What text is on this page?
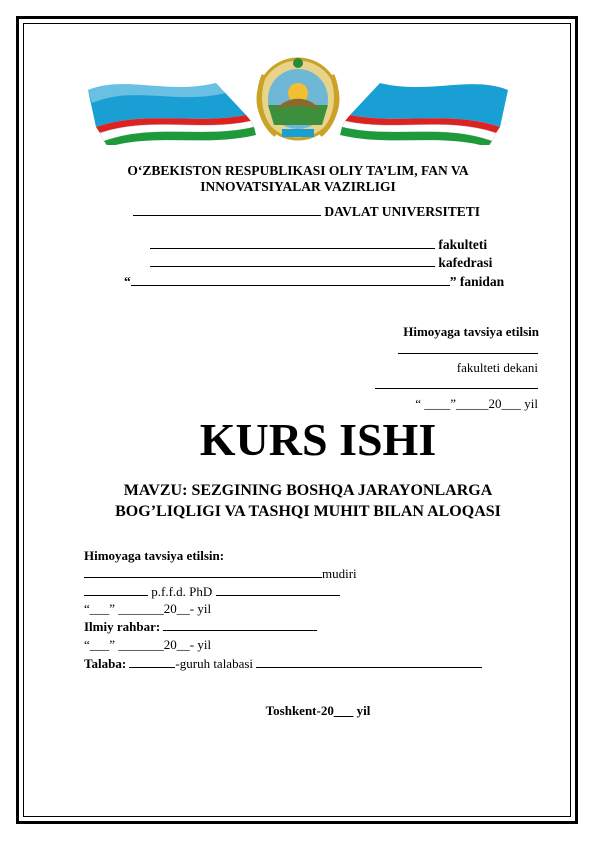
O‘ZBEKISTON RESPUBLIKASI OLIY TA’LIM, FAN VA
INNOVATSIYALAR VAZIRLIGI
DAVLAT UNIVERSITETI
fakulteti
kafedrasi
“	” fanidan
Himoyaga tavsiya etilsin
fakulteti dekani
“ ____”_____20___ yil
KURS ISHI
MAVZU: SEZGINING BOSHQA JARAYONLARGA
BOG’LIQLIGI VA TASHQI MUHIT BILAN ALOQASI
Himoyaga tavsiya etilsin:
mudiri
p.f.f.d. PhD
“___” _______20__- yil
Ilmiy rahbar:
“___” _______20__- yil
Talaba:	-guruh talabasi
Toshkent-20___ yil
